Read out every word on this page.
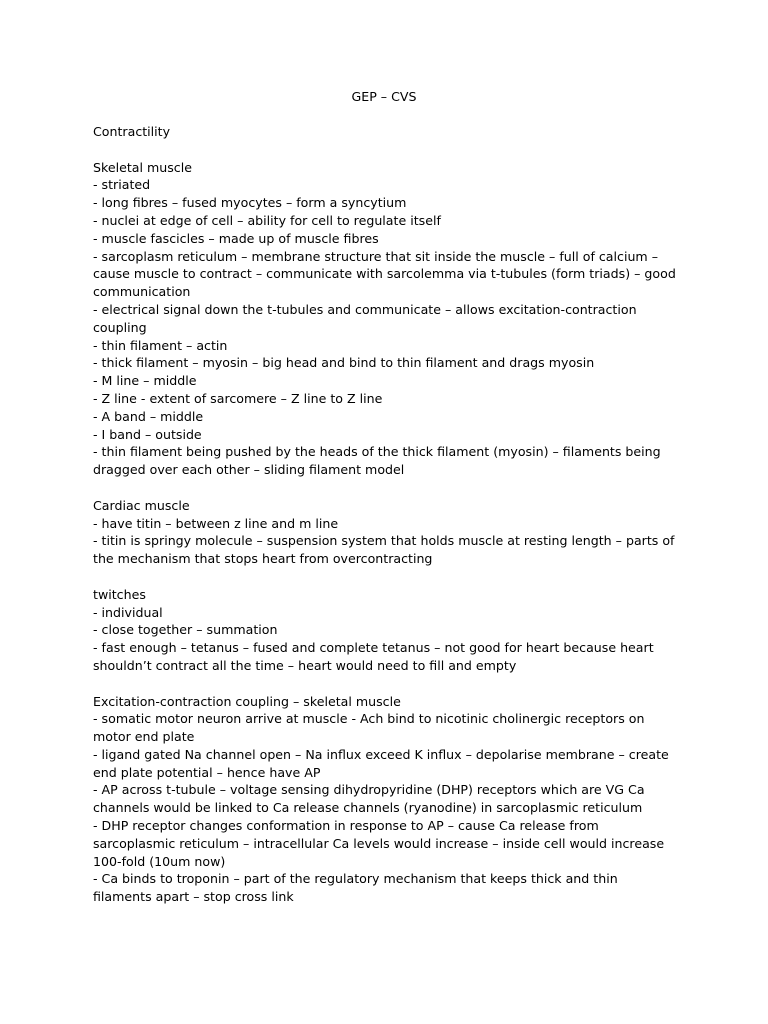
GEP – CVS

Contractility

Skeletal muscle

- striated

- long fibres – fused myocytes – form a syncytium

- nuclei at edge of cell – ability for cell to regulate itself

- muscle fascicles – made up of muscle fibres

- sarcoplasm reticulum – membrane structure that sit inside the muscle – full of calcium –

cause muscle to contract – communicate with sarcolemma via t-tubules (form triads) – good

communication

- electrical signal down the t-tubules and communicate – allows excitation-contraction

coupling

- thin filament – actin

- thick filament – myosin – big head and bind to thin filament and drags myosin

- M line – middle

- Z line - extent of sarcomere – Z line to Z line

- A band – middle

- I band – outside

- thin filament being pushed by the heads of the thick filament (myosin) – filaments being

dragged over each other – sliding filament model

Cardiac muscle

- have titin – between z line and m line

- titin is springy molecule – suspension system that holds muscle at resting length – parts of

the mechanism that stops heart from overcontracting

twitches

- individual

- close together – summation

- fast enough – tetanus – fused and complete tetanus – not good for heart because heart

shouldn’t contract all the time – heart would need to fill and empty

Excitation-contraction coupling – skeletal muscle

- somatic motor neuron arrive at muscle - Ach bind to nicotinic cholinergic receptors on

motor end plate

- ligand gated Na channel open – Na influx exceed K influx – depolarise membrane – create

end plate potential – hence have AP

- AP across t-tubule – voltage sensing dihydropyridine (DHP) receptors which are VG Ca

channels would be linked to Ca release channels (ryanodine) in sarcoplasmic reticulum

- DHP receptor changes conformation in response to AP – cause Ca release from

sarcoplasmic reticulum – intracellular Ca levels would increase – inside cell would increase

100-fold (10um now)

- Ca binds to troponin – part of the regulatory mechanism that keeps thick and thin

filaments apart – stop cross link
